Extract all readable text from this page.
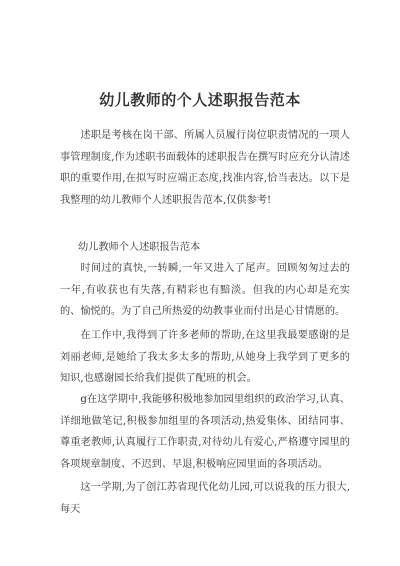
幼儿教师的个人述职报告范本

述职是考核在岗干部、所属人员履行岗位职责情况的一项人事管理制度,作为述职书面载体的述职报告在撰写时应充分认清述职的重要作用,在拟写时应端正态度,找准内容,恰当表达。以下是我整理的幼儿教师个人述职报告范本,仅供参考!

幼儿教师个人述职报告范本

时间过的真快,一转瞬,一年又进入了尾声。回顾匆匆过去的一年,有收获也有失落,有精彩也有黯淡。但我的内心却是充实的、愉悦的。为了自己所热爱的幼教事业而付出是心甘情愿的。

在工作中,我得到了许多老师的帮助,在这里我最要感谢的是刘丽老师,是她给了我太多太多的帮助,从她身上我学到了更多的知识,也感谢园长给我们提供了配班的机会。

g在这学期中,我能够积极地参加园里组织的政治学习,认真、详细地做笔记,积极参加组里的各项活动,热爱集体、团结同事、尊重老教师,认真履行工作职责,对待幼儿有爱心,严格遵守园里的各项规章制度、不迟到、早退,积极响应园里面的各项活动。

这一学期,为了创江苏省现代化幼儿园,可以说我的压力很大,每天
